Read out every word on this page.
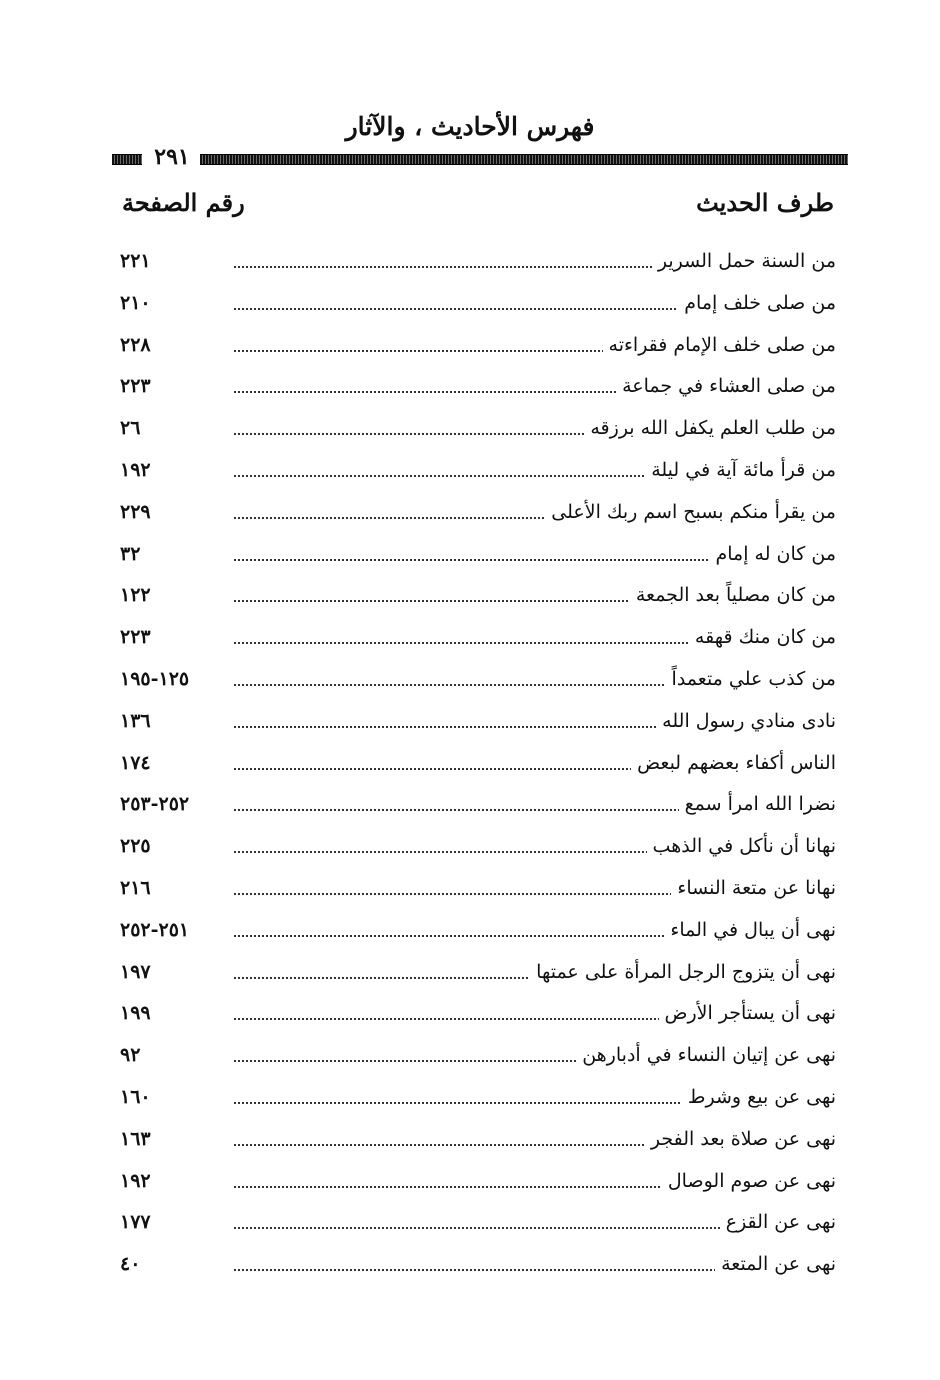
فهرس الأحاديث ، والآثار
٢٩١
طرف الحديث
رقم الصفحة
من السنة حمل السرير
٢٢١
من صلى خلف إمام
٢١٠
من صلى خلف الإمام فقراءته
٢٢٨
من صلى العشاء في جماعة
٢٢٣
من طلب العلم يكفل الله برزقه
٢٦
من قرأ مائة آية في ليلة
١٩٢
من يقرأ منكم بسبح اسم ربك الأعلى
٢٢٩
من كان له إمام
٣٢
من كان مصلياً بعد الجمعة
١٢٢
من كان منك قهقه
٢٢٣
من كذب علي متعمداً
١٢٥-١٩٥
نادى منادي رسول الله
١٣٦
الناس أكفاء بعضهم لبعض
١٧٤
نضرا الله امرأ سمع
٢٥٢-٢٥٣
نهانا أن نأكل في الذهب
٢٢٥
نهانا عن متعة النساء
٢١٦
نهى أن يبال في الماء
٢٥١-٢٥٢
نهى أن يتزوج الرجل المرأة على عمتها
١٩٧
نهى أن يستأجر الأرض
١٩٩
نهى عن إتيان النساء في أدبارهن
٩٢
نهى عن بيع وشرط
١٦٠
نهى عن صلاة بعد الفجر
١٦٣
نهى عن صوم الوصال
١٩٢
نهى عن القزع
١٧٧
نهى عن المتعة
٤٠
